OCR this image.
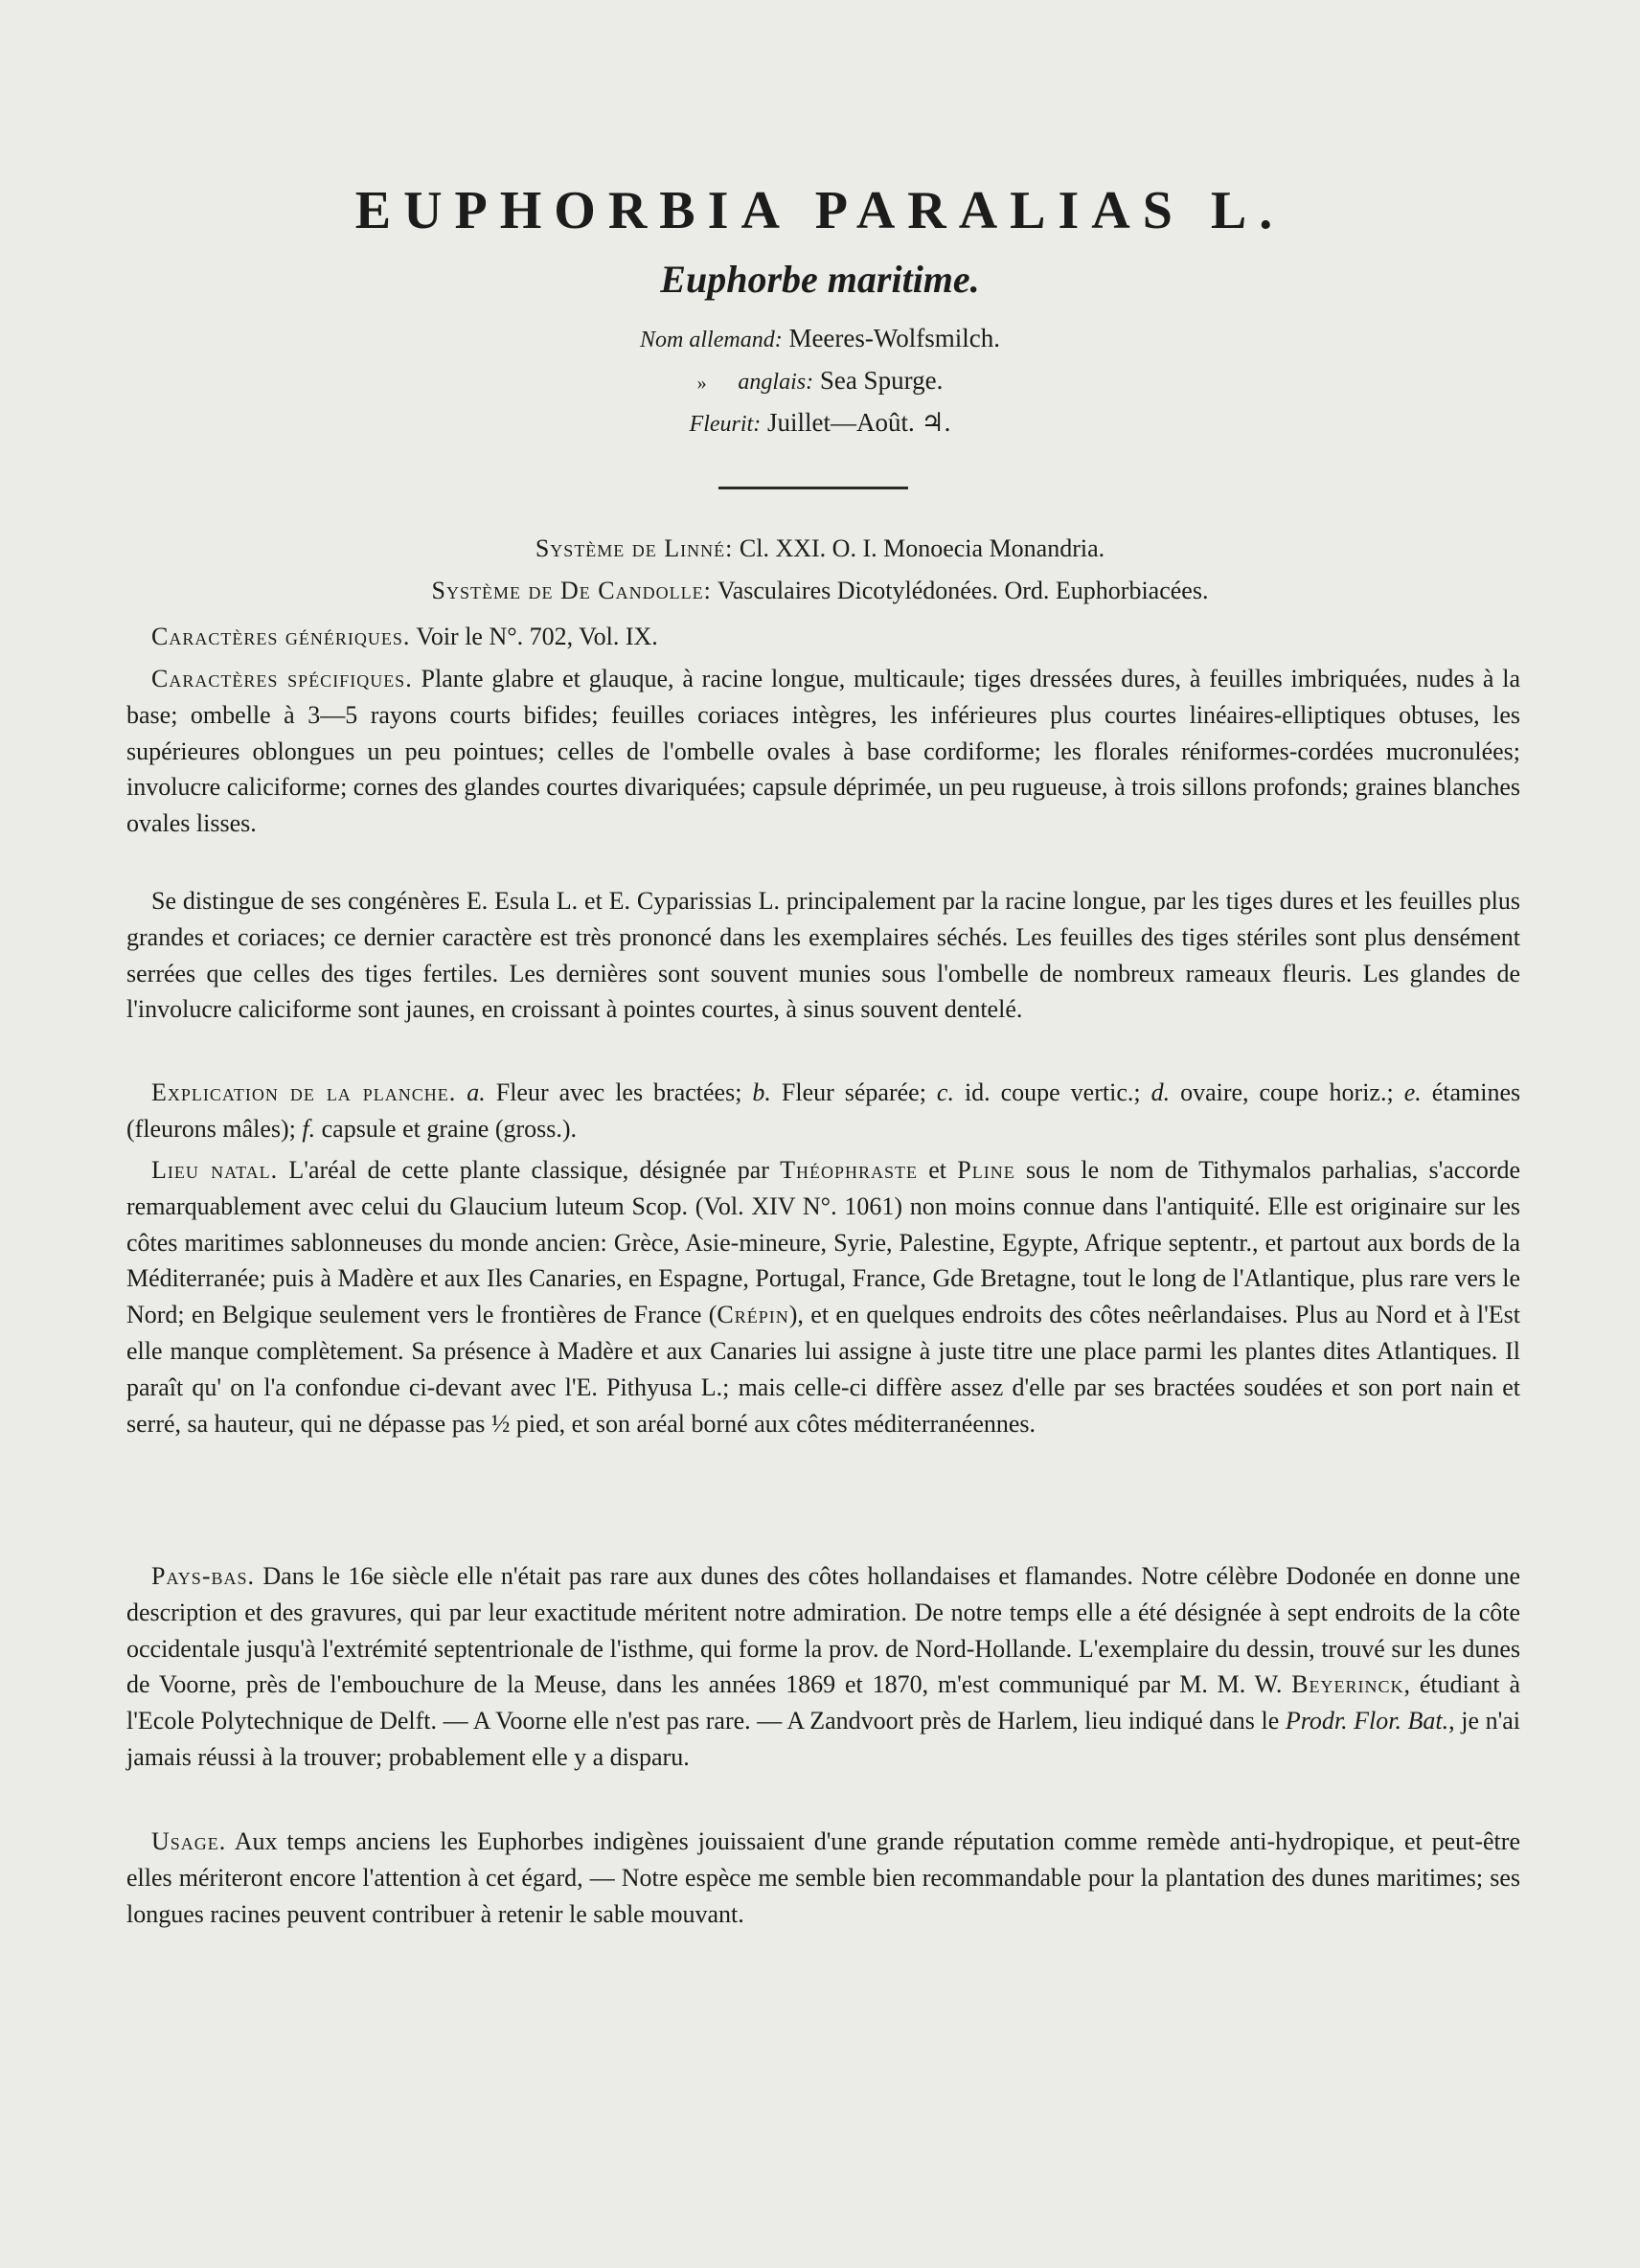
EUPHORBIA PARALIAS L.
Euphorbe maritime.
Nom allemand: Meeres-Wolfsmilch.
» anglais: Sea Spurge.
Fleurit: Juillet—Août. ♃.
Système de Linné: Cl. XXI. O. I. Monoecia Monandria.
Système de De Candolle: Vasculaires Dicotylédonées. Ord. Euphorbiacées.
Caractères génériques. Voir le N°. 702, Vol. IX.
Caractères spécifiques. Plante glabre et glauque, à racine longue, multicaule; tiges dressées dures, à feuilles imbriquées, nudes à la base; ombelle à 3—5 rayons courts bifides; feuilles coriaces intègres, les inférieures plus courtes linéaires-elliptiques obtuses, les supérieures oblongues un peu pointues; celles de l'ombelle ovales à base cordiforme; les florales réniformes-cordées mucronulées; involucre caliciforme; cornes des glandes courtes divariquées; capsule déprimée, un peu rugueuse, à trois sillons profonds; graines blanches ovales lisses.
Se distingue de ses congénères E. Esula L. et E. Cyparissias L. principalement par la racine longue, par les tiges dures et les feuilles plus grandes et coriaces; ce dernier caractère est très prononcé dans les exemplaires séchés. Les feuilles des tiges stériles sont plus densément serrées que celles des tiges fertiles. Les dernières sont souvent munies sous l'ombelle de nombreux rameaux fleuris. Les glandes de l'involucre caliciforme sont jaunes, en croissant à pointes courtes, à sinus souvent dentelé.
Explication de la planche. a. Fleur avec les bractées; b. Fleur séparée; c. id. coupe vertic.; d. ovaire, coupe horiz.; e. étamines (fleurons mâles); f. capsule et graine (gross.).
Lieu natal. L'aréal de cette plante classique, désignée par Théophraste et Pline sous le nom de Tithymalos parhalias, s'accorde remarquablement avec celui du Glaucium luteum Scop. (Vol. XIV N°. 1061) non moins connue dans l'antiquité. Elle est originaire sur les côtes maritimes sablonneuses du monde ancien: Grèce, Asie-mineure, Syrie, Palestine, Egypte, Afrique septentr., et partout aux bords de la Méditerranée; puis à Madère et aux Iles Canaries, en Espagne, Portugal, France, Gde Bretagne, tout le long de l'Atlantique, plus rare vers le Nord; en Belgique seulement vers le frontières de France (Crépin), et en quelques endroits des côtes neêrlandaises. Plus au Nord et à l'Est elle manque complètement. Sa présence à Madère et aux Canaries lui assigne à juste titre une place parmi les plantes dites Atlantiques. Il paraît qu' on l'a confondue ci-devant avec l'E. Pithyusa L.; mais celle-ci diffère assez d'elle par ses bractées soudées et son port nain et serré, sa hauteur, qui ne dépasse pas ½ pied, et son aréal borné aux côtes méditerranéennes.
Pays-bas. Dans le 16e siècle elle n'était pas rare aux dunes des côtes hollandaises et flamandes. Notre célèbre Dodonée en donne une description et des gravures, qui par leur exactitude méritent notre admiration. De notre temps elle a été désignée à sept endroits de la côte occidentale jusqu'à l'extrémité septentrionale de l'isthme, qui forme la prov. de Nord-Hollande. L'exemplaire du dessin, trouvé sur les dunes de Voorne, près de l'embouchure de la Meuse, dans les années 1869 et 1870, m'est communiqué par M. M. W. Beyerinck, étudiant à l'Ecole Polytechnique de Delft. — A Voorne elle n'est pas rare. — A Zandvoort près de Harlem, lieu indiqué dans le Prodr. Flor. Bat., je n'ai jamais réussi à la trouver; probablement elle y a disparu.
Usage. Aux temps anciens les Euphorbes indigènes jouissaient d'une grande réputation comme remède anti-hydropique, et peut-être elles mériteront encore l'attention à cet égard, — Notre espèce me semble bien recommandable pour la plantation des dunes maritimes; ses longues racines peuvent contribuer à retenir le sable mouvant.
